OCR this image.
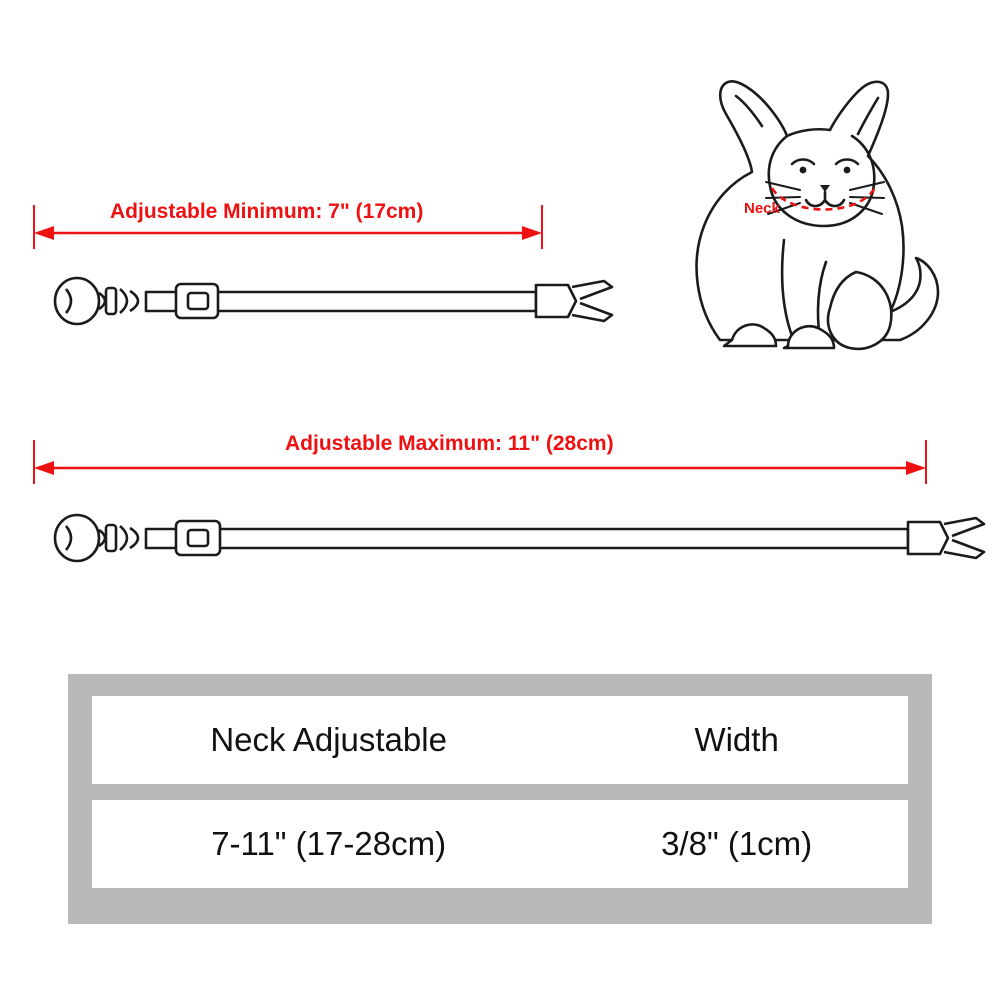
Adjustable Minimum: 7" (17cm)
Adjustable Maximum: 11" (28cm)
Neck
Neck Adjustable	Width
7-11" (17-28cm)	3/8" (1cm)
